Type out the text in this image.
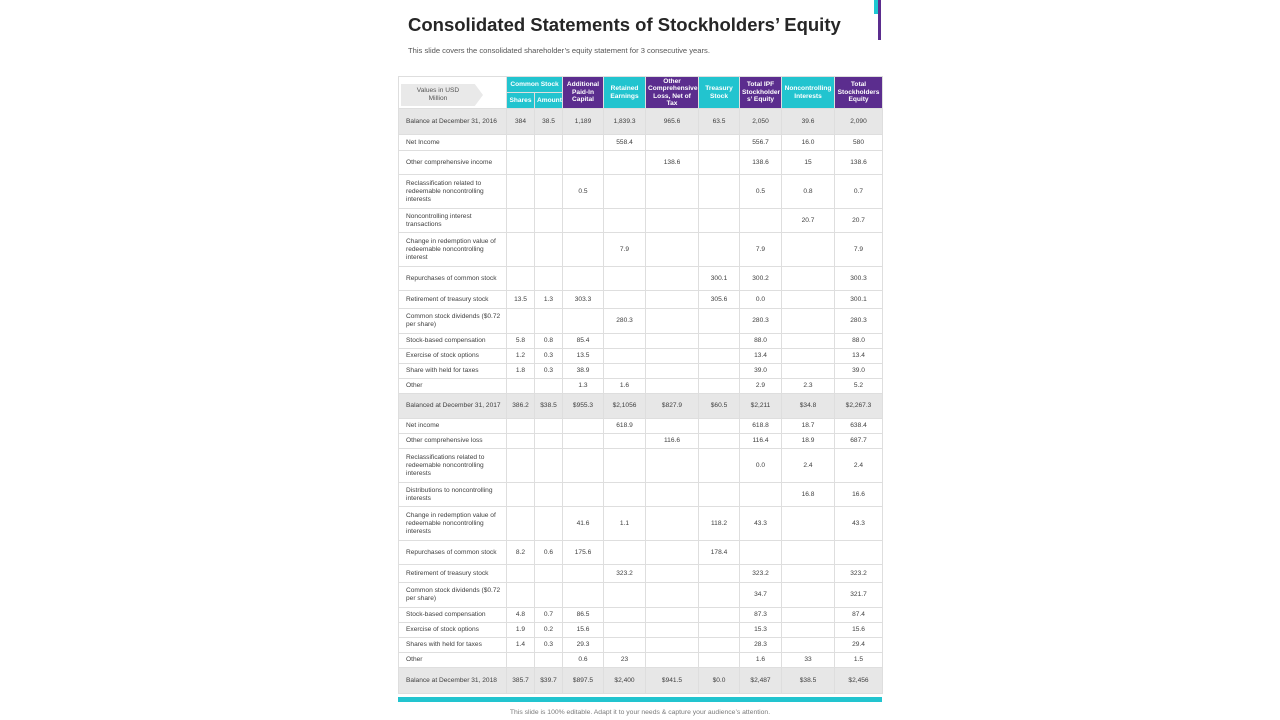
Consolidated Statements of Stockholders’ Equity

This slide covers the consolidated shareholder’s equity statement for 3 consecutive years.

Values in USD Million	Common Stock		Additional Paid-In Capital	Retained Earnings	Other Comprehensive Loss, Net of Tax	Treasury Stock	Total IPF Stockholder s’ Equity	Noncontrolling Interests	Total Stockholders Equity
	Shares	Amount							
Balance at December 31, 2016	384	38.5	1,189	1,839.3	965.6	63.5	2,050	39.6	2,090
Net Income				558.4			556.7	16.0	580
Other comprehensive income					138.6		138.6	15	138.6
Reclassification related to redeemable noncontrolling interests			0.5				0.5	0.8	0.7
Noncontrolling interest transactions								20.7	20.7
Change in redemption value of redeemable noncontrolling interest				7.9			7.9		7.9
Repurchases of common stock						300.1	300.2		300.3
Retirement of treasury stock	13.5	1.3	303.3			305.6	0.0		300.1
Common stock dividends ($0.72 per share)				280.3			280.3		280.3
Stock-based compensation	5.8	0.8	85.4				88.0		88.0
Exercise of stock options	1.2	0.3	13.5				13.4		13.4
Share with held for taxes	1.8	0.3	38.9				39.0		39.0
Other			1.3	1.6			2.9	2.3	5.2
Balanced at December 31, 2017	386.2	$38.5	$955.3	$2,1056	$827.9	$60.5	$2,211	$34.8	$2,267.3
Net income				618.9			618.8	18.7	638.4
Other comprehensive loss					116.6		116.4	18.9	687.7
Reclassifications related to redeemable noncontrolling interests							0.0	2.4	2.4
Distributions to noncontrolling interests								16.8	16.6
Change in redemption value of redeemable noncontrolling interests			41.6	1.1		118.2	43.3		43.3
Repurchases of common stock	8.2	0.6	175.6			178.4			
Retirement of treasury stock				323.2			323.2		323.2
Common stock dividends ($0.72 per share)							34.7		321.7
Stock-based compensation	4.8	0.7	86.5				87.3		87.4
Exercise of stock options	1.9	0.2	15.6				15.3		15.6
Shares with held for taxes	1.4	0.3	29.3				28.3		29.4
Other			0.6	23			1.6	33	1.5
Balance at December 31, 2018	385.7	$39.7	$897.5	$2,400	$941.5	$0.0	$2,487	$38.5	$2,456

This slide is 100% editable. Adapt it to your needs & capture your audience’s attention.
